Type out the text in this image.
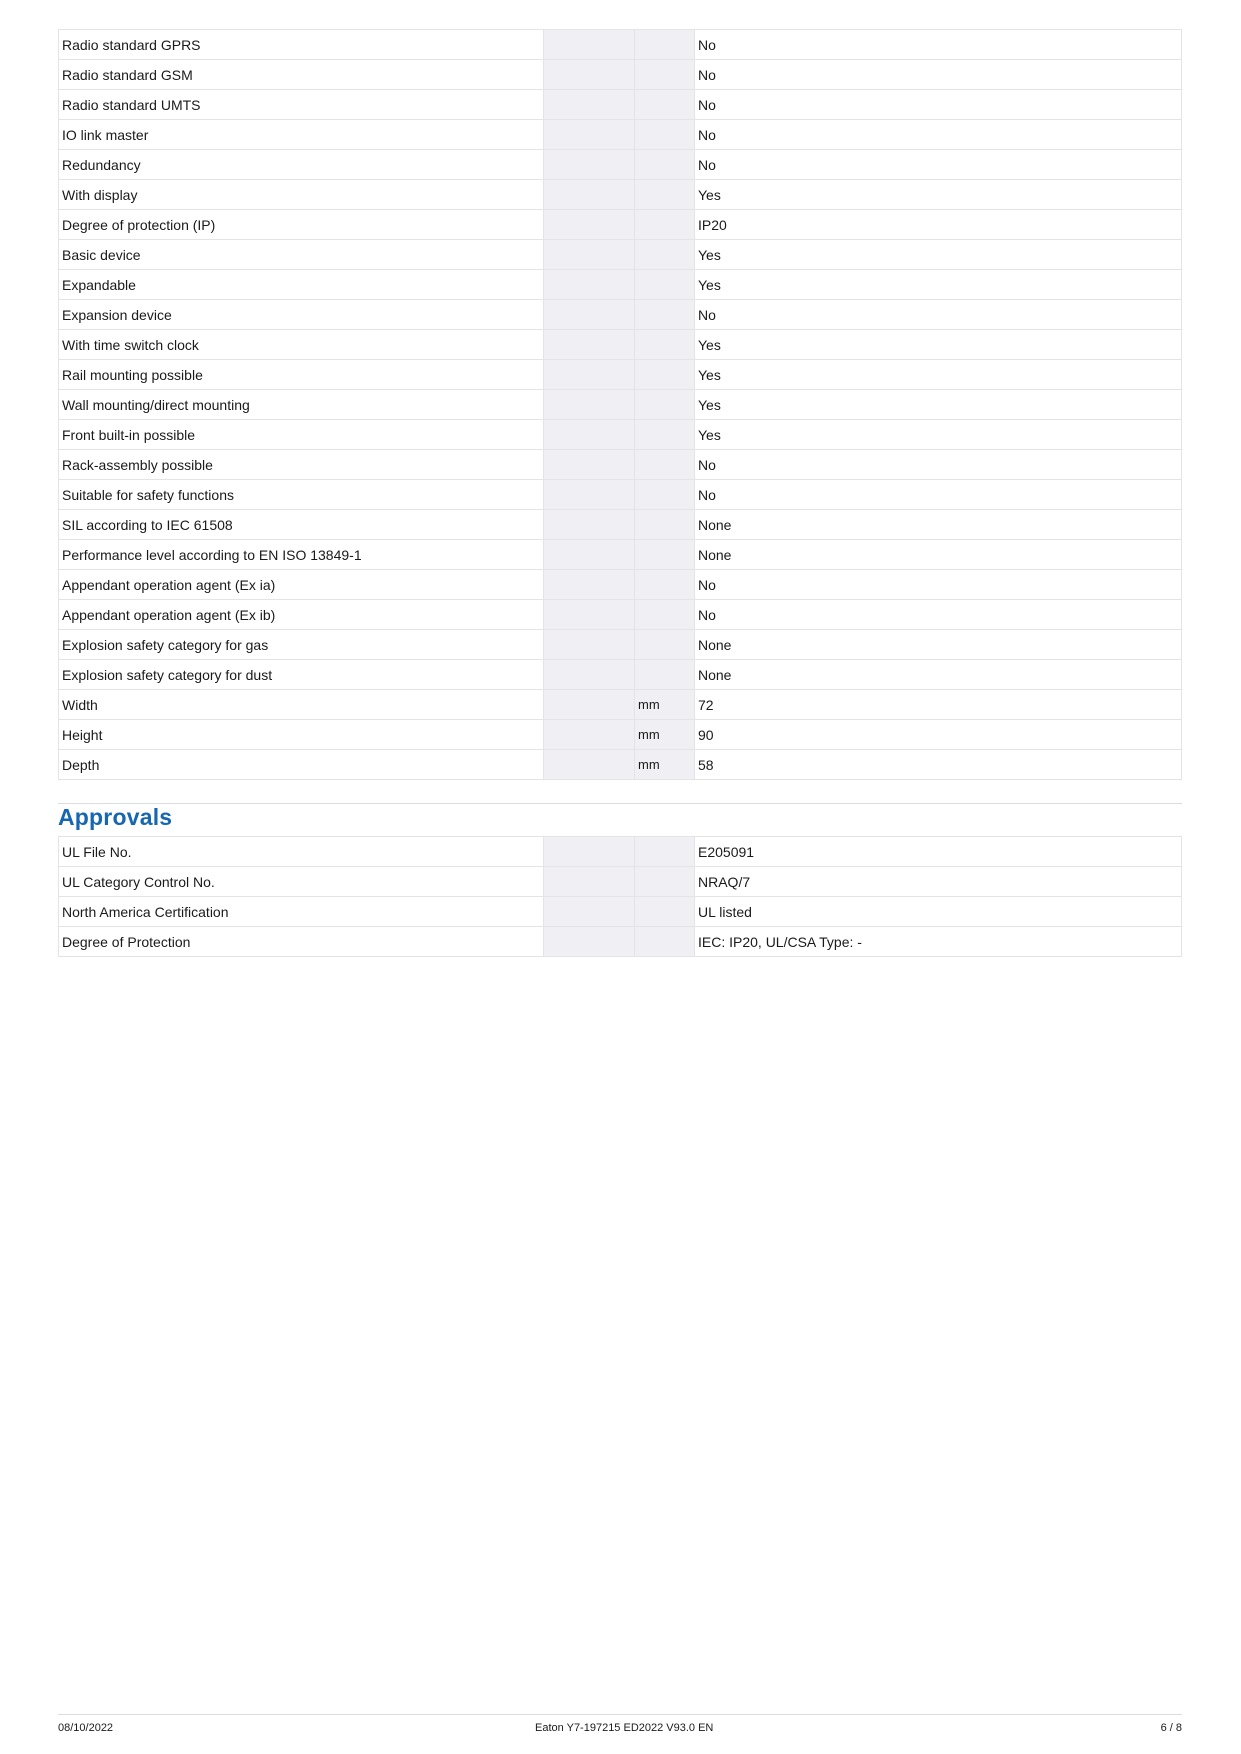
Radio standard GPRS			No
Radio standard GSM			No
Radio standard UMTS			No
IO link master			No
Redundancy			No
With display			Yes
Degree of protection (IP)			IP20
Basic device			Yes
Expandable			Yes
Expansion device			No
With time switch clock			Yes
Rail mounting possible			Yes
Wall mounting/direct mounting			Yes
Front built-in possible			Yes
Rack-assembly possible			No
Suitable for safety functions			No
SIL according to IEC 61508			None
Performance level according to EN ISO 13849-1			None
Appendant operation agent (Ex ia)			No
Appendant operation agent (Ex ib)			No
Explosion safety category for gas			None
Explosion safety category for dust			None
Width		mm	72
Height		mm	90
Depth		mm	58
Approvals
UL File No.			E205091
UL Category Control No.			NRAQ/7
North America Certification			UL listed
Degree of Protection			IEC: IP20, UL/CSA Type: -
08/10/2022	Eaton Y7-197215 ED2022 V93.0 EN	6 / 8
